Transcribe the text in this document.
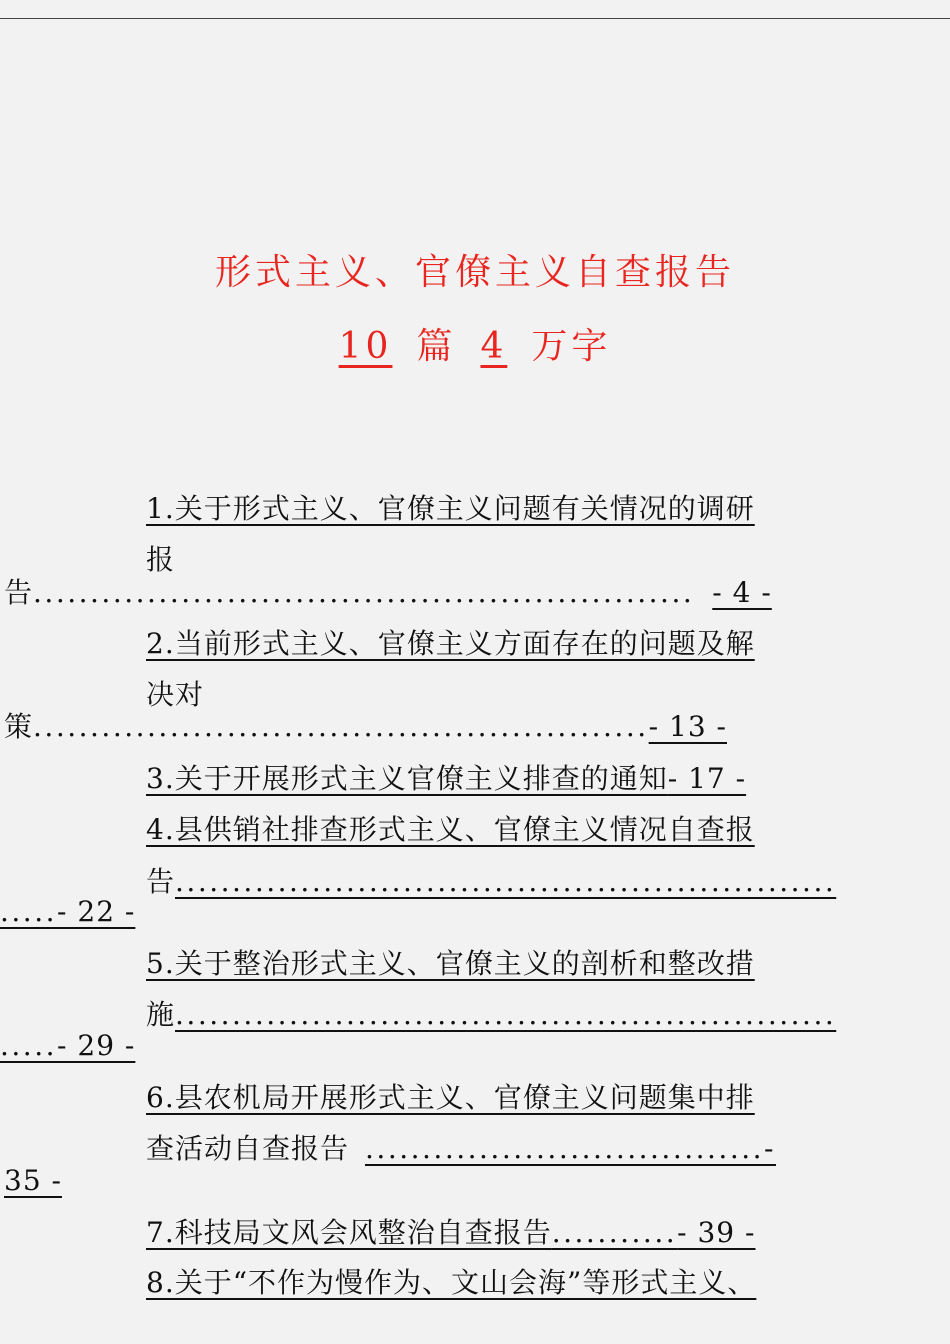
形式主义、官僚主义自查报告
10 篇 4 万字
1.关于形式主义、官僚主义问题有关情况的调研
报
告.......................................................... - 4 -
2.当前形式主义、官僚主义方面存在的问题及解
决对
策......................................................- 13 -
3.关于开展形式主义官僚主义排查的通知- 17 -
4.县供销社排查形式主义、官僚主义情况自查报
告..........................................................
.....- 22 -
5.关于整治形式主义、官僚主义的剖析和整改措
施..........................................................
.....- 29 -
6.县农机局开展形式主义、官僚主义问题集中排
查活动自查报告 ...................................-
35 -
7.科技局文风会风整治自查报告...........- 39 -
8.关于“不作为慢作为、文山会海”等形式主义、
